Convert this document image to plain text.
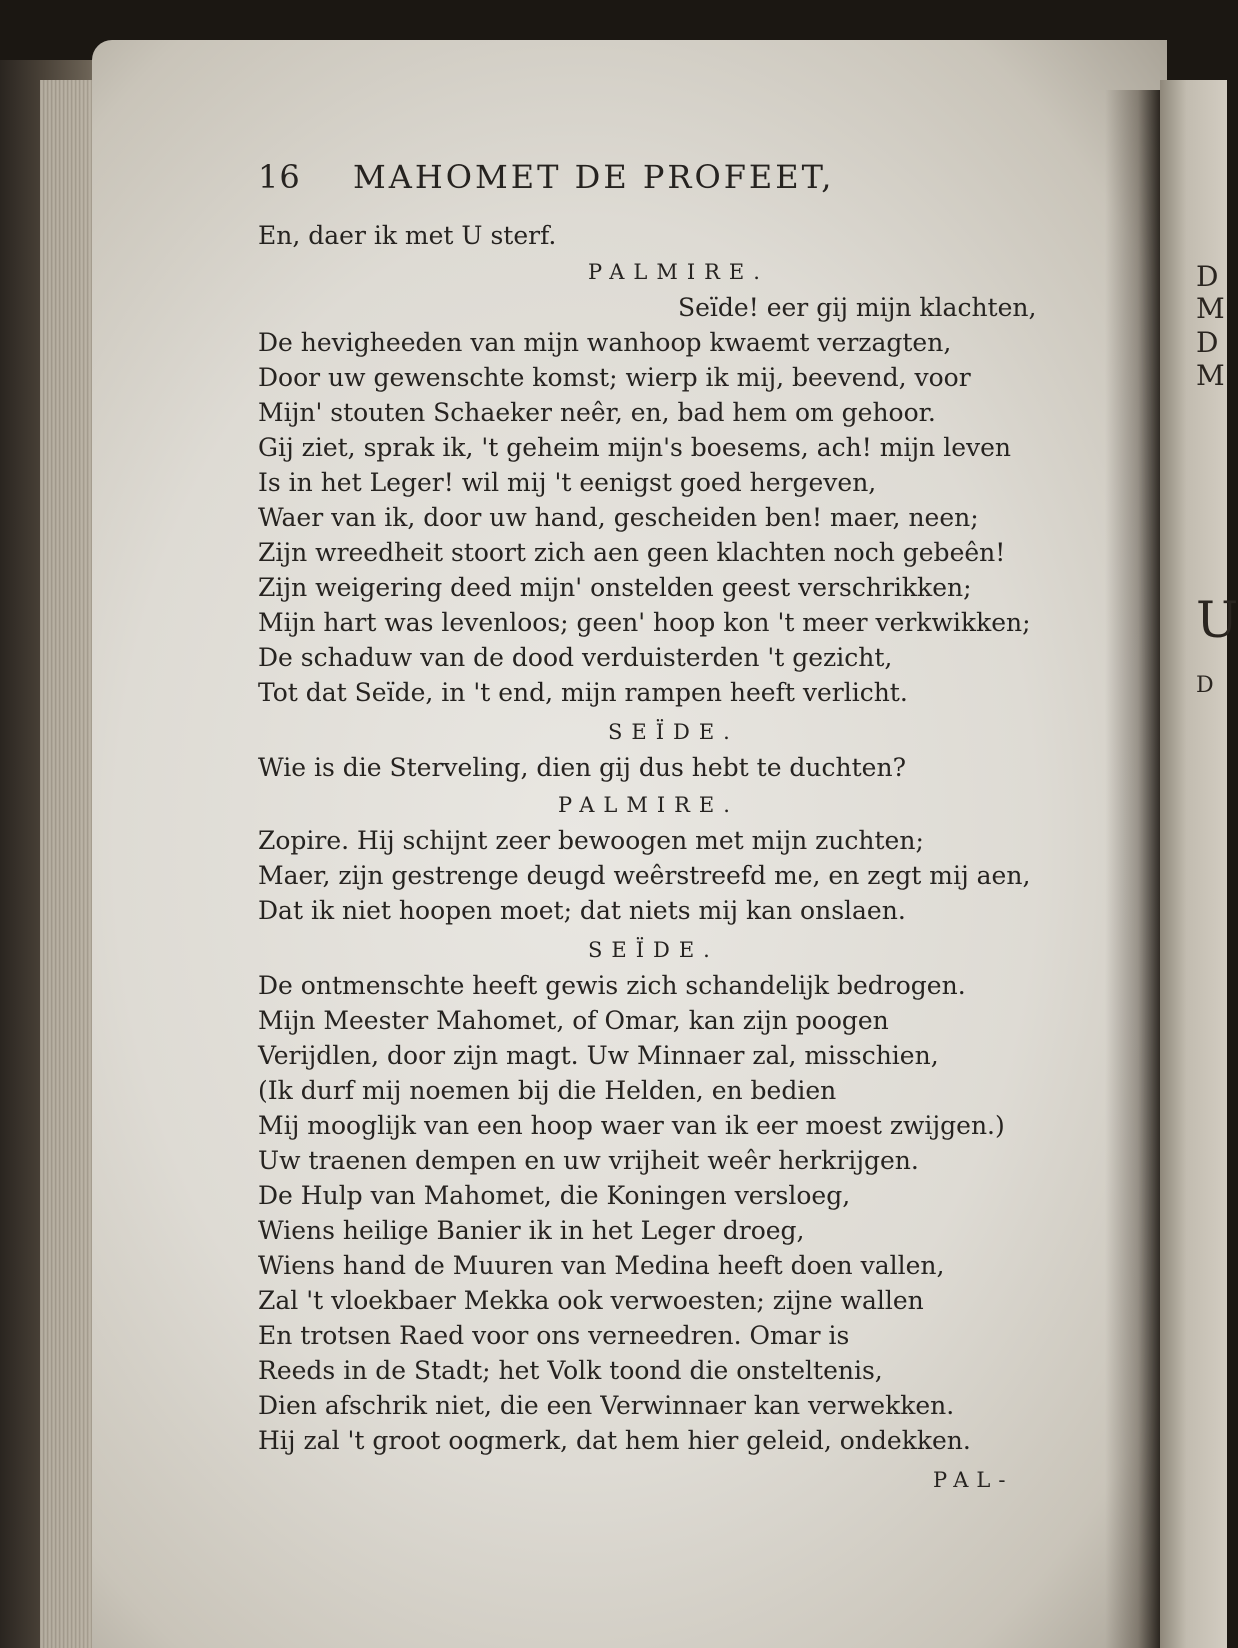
D
M
D
M
U
D
16 MAHOMET DE PROFEET,
En, daer ik met U sterf.
PALMIRE.
Seïde! eer gij mijn klachten,
De hevigheeden van mijn wanhoop kwaemt verzagten,
Door uw gewenschte komst; wierp ik mij, beevend, voor
Mijn' stouten Schaeker neêr, en, bad hem om gehoor.
Gij ziet, sprak ik, 't geheim mijn's boesems, ach! mijn leven
Is in het Leger! wil mij 't eenigst goed hergeven,
Waer van ik, door uw hand, gescheiden ben! maer, neen;
Zijn wreedheit stoort zich aen geen klachten noch gebeên!
Zijn weigering deed mijn' onstelden geest verschrikken;
Mijn hart was levenloos; geen' hoop kon 't meer verkwikken;
De schaduw van de dood verduisterden 't gezicht,
Tot dat Seïde, in 't end, mijn rampen heeft verlicht.
SEÏDE.
Wie is die Sterveling, dien gij dus hebt te duchten?
PALMIRE.
Zopire. Hij schijnt zeer bewoogen met mijn zuchten;
Maer, zijn gestrenge deugd weêrstreefd me, en zegt mij aen,
Dat ik niet hoopen moet; dat niets mij kan onslaen.
SEÏDE.
De ontmenschte heeft gewis zich schandelijk bedrogen.
Mijn Meester Mahomet, of Omar, kan zijn poogen
Verijdlen, door zijn magt. Uw Minnaer zal, misschien,
(Ik durf mij noemen bij die Helden, en bedien
Mij mooglijk van een hoop waer van ik eer moest zwijgen.)
Uw traenen dempen en uw vrijheit weêr herkrijgen.
De Hulp van Mahomet, die Koningen versloeg,
Wiens heilige Banier ik in het Leger droeg,
Wiens hand de Muuren van Medina heeft doen vallen,
Zal 't vloekbaer Mekka ook verwoesten; zijne wallen
En trotsen Raed voor ons verneedren. Omar is
Reeds in de Stadt; het Volk toond die onsteltenis,
Dien afschrik niet, die een Verwinnaer kan verwekken.
Hij zal 't groot oogmerk, dat hem hier geleid, ondekken.
PAL-
